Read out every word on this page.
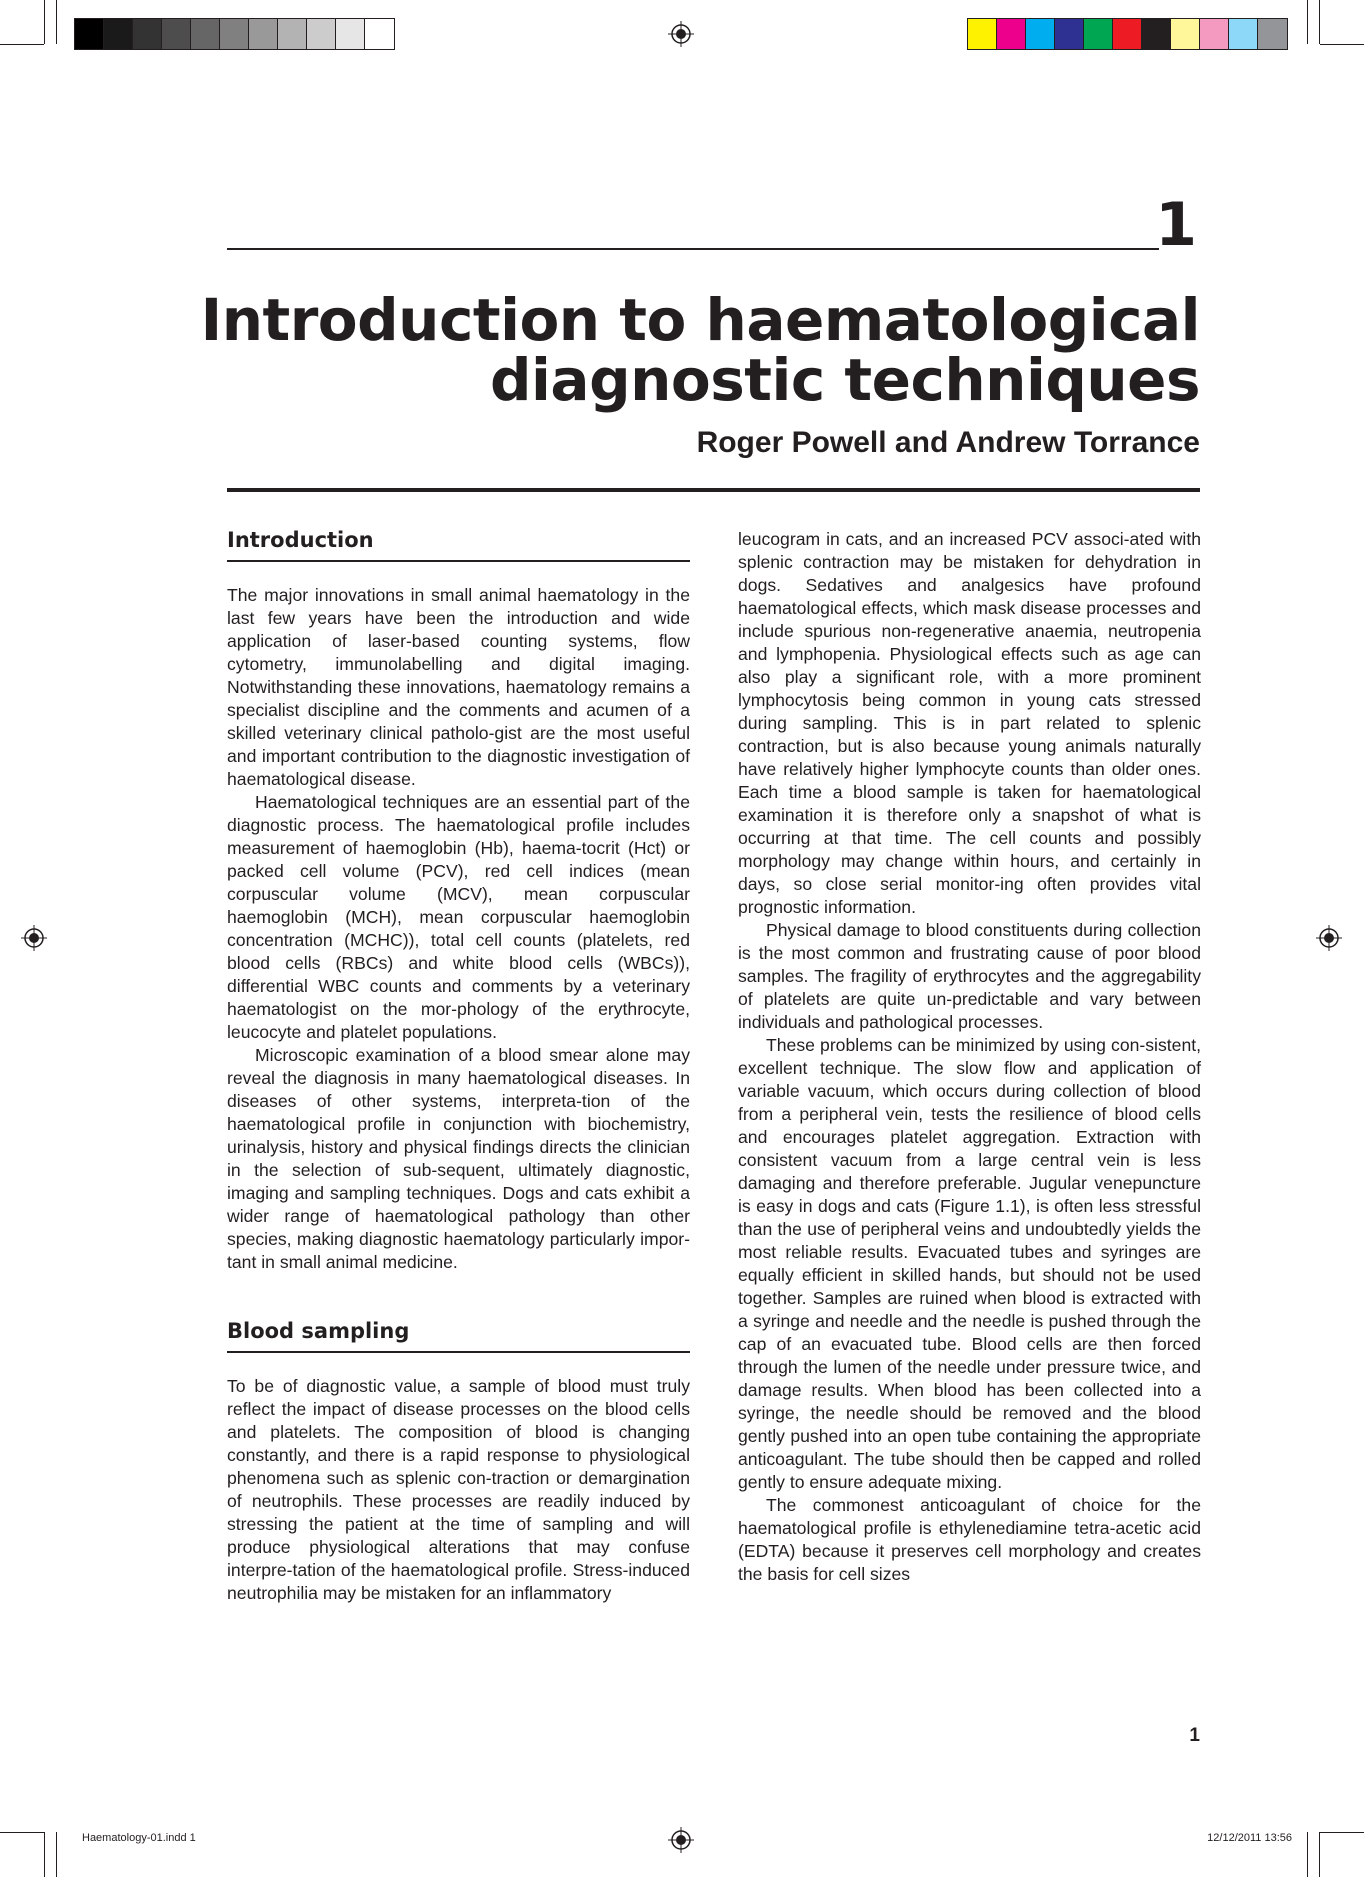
1
Introduction to haematological
diagnostic techniques

Roger Powell and Andrew Torrance

Introduction

The major innovations in small animal haematology in the last few years have been the introduction and wide application of laser-based counting systems, flow cytometry, immunolabelling and digital imaging. Notwithstanding these innovations, haematology remains a specialist discipline and the comments and acumen of a skilled veterinary clinical patholo-gist are the most useful and important contribution to the diagnostic investigation of haematological disease.

Haematological techniques are an essential part of the diagnostic process. The haematological profile includes measurement of haemoglobin (Hb), haema-tocrit (Hct) or packed cell volume (PCV), red cell indices (mean corpuscular volume (MCV), mean corpuscular haemoglobin (MCH), mean corpuscular haemoglobin concentration (MCHC)), total cell counts (platelets, red blood cells (RBCs) and white blood cells (WBCs)), differential WBC counts and comments by a veterinary haematologist on the mor-phology of the erythrocyte, leucocyte and platelet populations.

Microscopic examination of a blood smear alone may reveal the diagnosis in many haematological diseases. In diseases of other systems, interpreta-tion of the haematological profile in conjunction with biochemistry, urinalysis, history and physical findings directs the clinician in the selection of sub-sequent, ultimately diagnostic, imaging and sampling techniques. Dogs and cats exhibit a wider range of haematological pathology than other species, making diagnostic haematology particularly impor-tant in small animal medicine.

Blood sampling

To be of diagnostic value, a sample of blood must truly reflect the impact of disease processes on the blood cells and platelets. The composition of blood is changing constantly, and there is a rapid response to physiological phenomena such as splenic con-traction or demargination of neutrophils. These processes are readily induced by stressing the patient at the time of sampling and will produce physiological alterations that may confuse interpre-tation of the haematological profile. Stress-induced neutrophilia may be mistaken for an inflammatory

leucogram in cats, and an increased PCV associ-ated with splenic contraction may be mistaken for dehydration in dogs. Sedatives and analgesics have profound haematological effects, which mask disease processes and include spurious non-regenerative anaemia, neutropenia and lymphopenia. Physiological effects such as age can also play a significant role, with a more prominent lymphocytosis being common in young cats stressed during sampling. This is in part related to splenic contraction, but is also because young animals naturally have relatively higher lymphocyte counts than older ones. Each time a blood sample is taken for haematological examination it is therefore only a snapshot of what is occurring at that time. The cell counts and possibly morphology may change within hours, and certainly in days, so close serial monitor-ing often provides vital prognostic information.

Physical damage to blood constituents during collection is the most common and frustrating cause of poor blood samples. The fragility of erythrocytes and the aggregability of platelets are quite un-predictable and vary between individuals and pathological processes.

These problems can be minimized by using con-sistent, excellent technique. The slow flow and application of variable vacuum, which occurs during collection of blood from a peripheral vein, tests the resilience of blood cells and encourages platelet aggregation. Extraction with consistent vacuum from a large central vein is less damaging and therefore preferable. Jugular venepuncture is easy in dogs and cats (Figure 1.1), is often less stressful than the use of peripheral veins and undoubtedly yields the most reliable results. Evacuated tubes and syringes are equally efficient in skilled hands, but should not be used together. Samples are ruined when blood is extracted with a syringe and needle and the needle is pushed through the cap of an evacuated tube. Blood cells are then forced through the lumen of the needle under pressure twice, and damage results. When blood has been collected into a syringe, the needle should be removed and the blood gently pushed into an open tube containing the appropriate anticoagulant. The tube should then be capped and rolled gently to ensure adequate mixing.

The commonest anticoagulant of choice for the haematological profile is ethylenediamine tetra-acetic acid (EDTA) because it preserves cell morphology and creates the basis for cell sizes

1
Haematology-01.indd 1	12/12/2011 13:56
